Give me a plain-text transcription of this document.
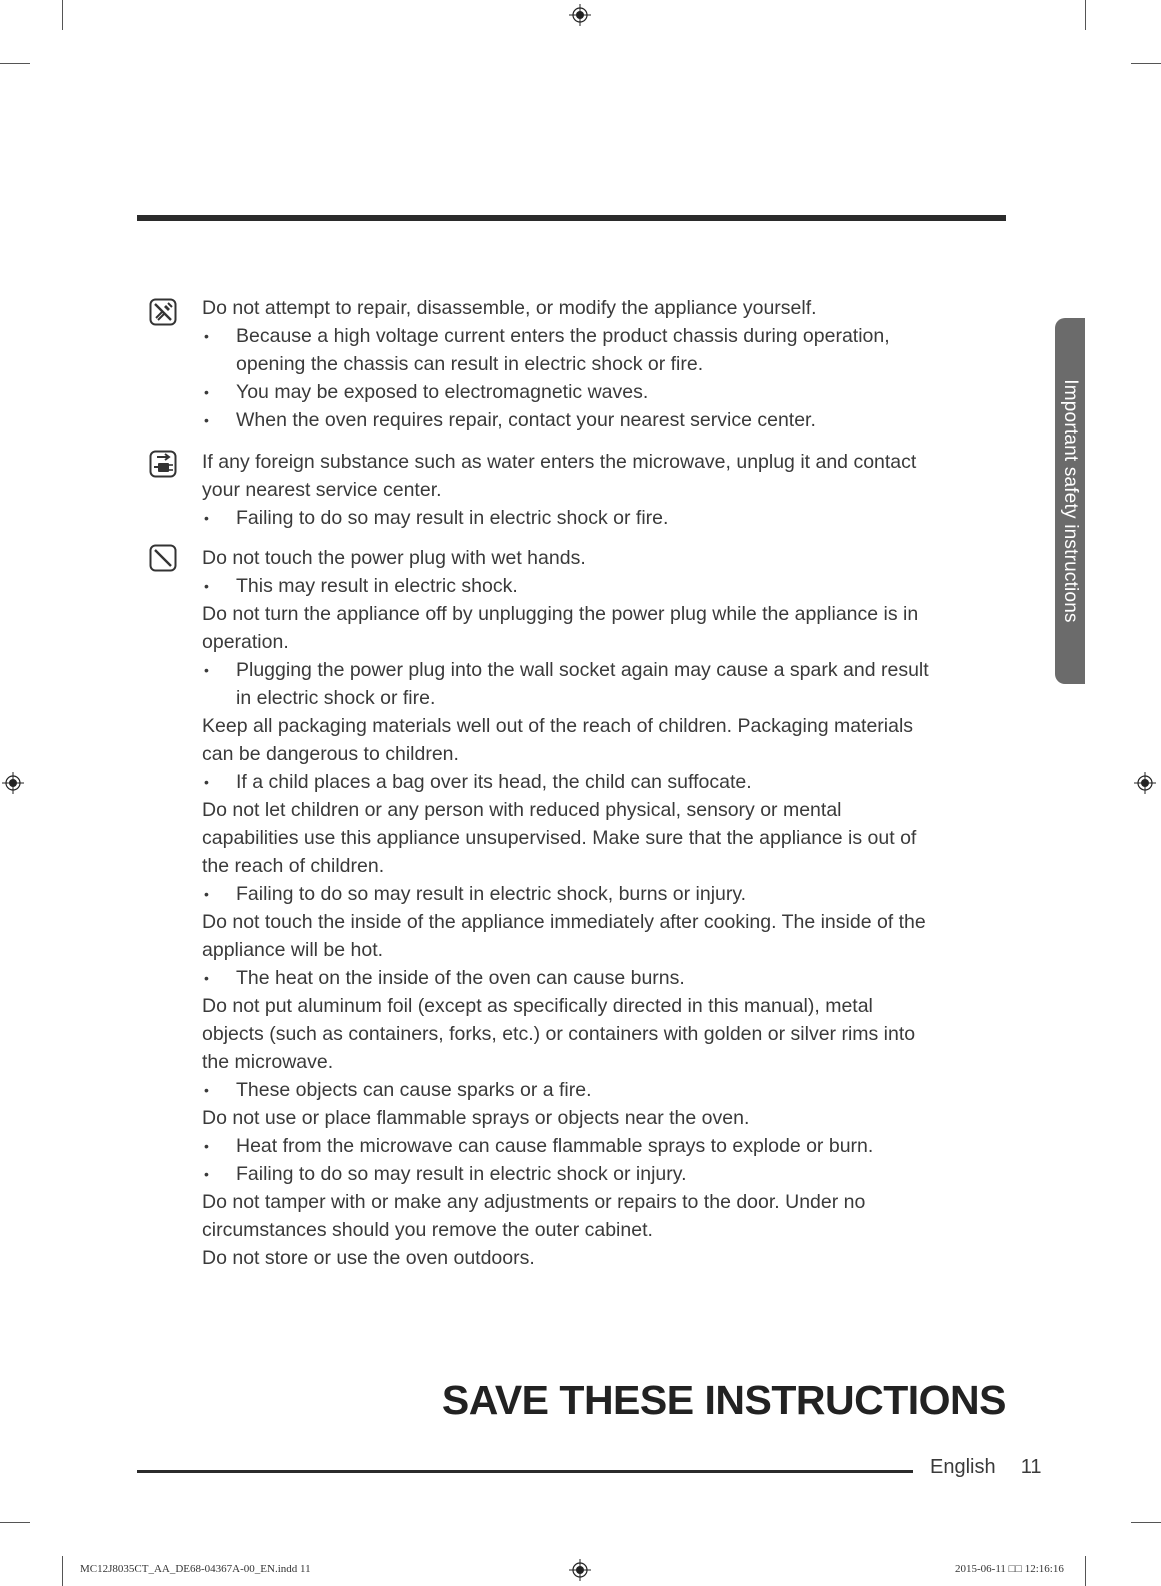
Important safety instructions
Do not attempt to repair, disassemble, or modify the appliance yourself.
• Because a high voltage current enters the product chassis during operation,
opening the chassis can result in electric shock or fire.
• You may be exposed to electromagnetic waves.
• When the oven requires repair, contact your nearest service center.
If any foreign substance such as water enters the microwave, unplug it and contact
your nearest service center.
• Failing to do so may result in electric shock or fire.
Do not touch the power plug with wet hands.
• This may result in electric shock.
Do not turn the appliance off by unplugging the power plug while the appliance is in
operation.
• Plugging the power plug into the wall socket again may cause a spark and result
in electric shock or fire.
Keep all packaging materials well out of the reach of children. Packaging materials
can be dangerous to children.
• If a child places a bag over its head, the child can suffocate.
Do not let children or any person with reduced physical, sensory or mental
capabilities use this appliance unsupervised. Make sure that the appliance is out of
the reach of children.
• Failing to do so may result in electric shock, burns or injury.
Do not touch the inside of the appliance immediately after cooking. The inside of the
appliance will be hot.
• The heat on the inside of the oven can cause burns.
Do not put aluminum foil (except as specifically directed in this manual), metal
objects (such as containers, forks, etc.) or containers with golden or silver rims into
the microwave.
• These objects can cause sparks or a fire.
Do not use or place flammable sprays or objects near the oven.
• Heat from the microwave can cause flammable sprays to explode or burn.
• Failing to do so may result in electric shock or injury.
Do not tamper with or make any adjustments or repairs to the door. Under no
circumstances should you remove the outer cabinet.
Do not store or use the oven outdoors.
SAVE THESE INSTRUCTIONS
English 11
MC12J8035CT_AA_DE68-04367A-00_EN.indd 11	2015-06-11 □□ 12:16:16
